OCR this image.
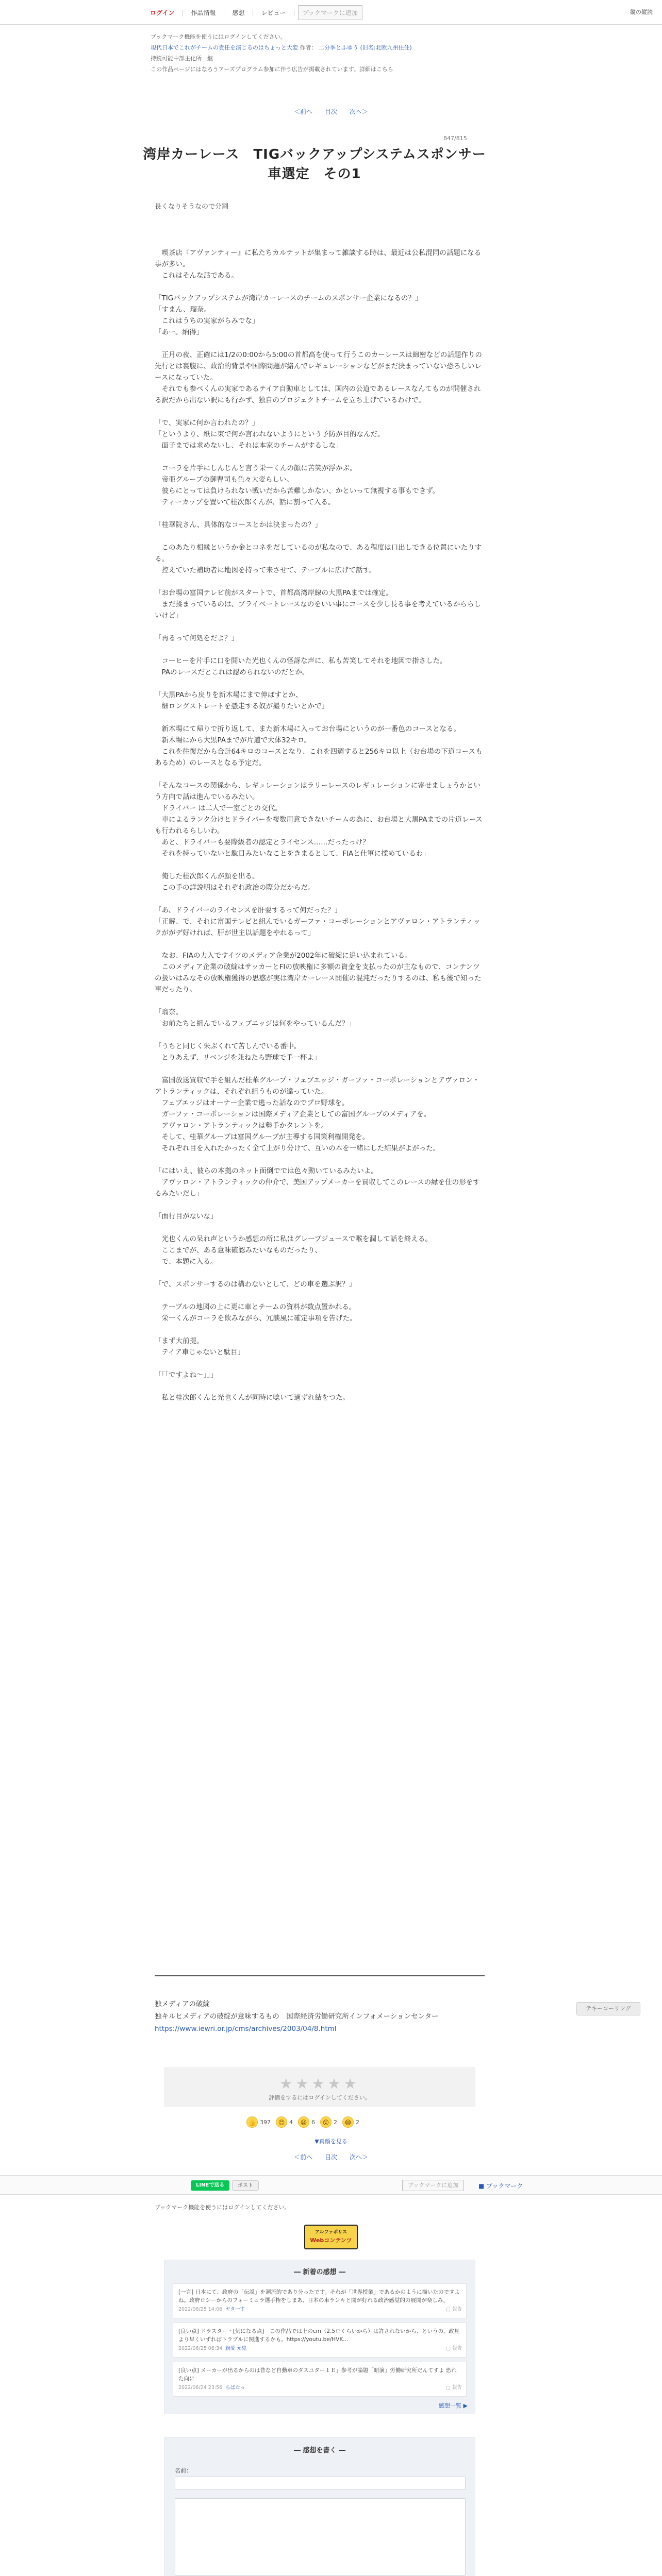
ログイン	|	作品情報	|	感想	|	レビュー	|	ブックマークに追加	縦の縦読
ブックマーク機能を使うにはログインしてください。
現代日本でこれがチームの責任を演じるのはちょっと大変 作者： 二分季とふゆう (旧名:北欧九州住住)
持続可能中部主化所　継
この作品ページにはなろうアーズプログラム参加に伴う広告が掲載されています。詳細はこちら
＜前へ 目次 次へ＞
847/815
湾岸カーレース　TIGバックアップシステムスポンサー車選定　その1
長くなりそうなので分割

　喫茶店『アヴァンティー』に私たちカルテットが集まって雑談する時は、最近は公私混同の話題になる事が多い。

　これはそんな話である。

「TIGバックアップシステムが湾岸カーレースのチームのスポンサー企業になるの？」

「すまん、瑠奈。

　これはうちの実家がらみでな」

「あー。納得」

　正月の夜、正確には1/2の0:00から5:00の首都高を使って行うこのカーレースは綿密などの話題作りの先行とは裏腹に、政治的背景や国際問題が絡んでレギュレーションなどがまだ決まっていない恐ろしいレースになっていた。

　それでも参ぺくんの実家であるテイア自動車としては、国内の公道であるレースなんてものが開催される訳だから出ない訳にも行かず、独自のプロジェクトチームを立ち上げているわけで。

「で、実家に何か言われたの？」

「というより、紙に束で何か言われないようにという予防が目的なんだ。

　面子までは求めないし、それは本家のチームがするしな」

　コーラを片手にしんじんと言う栄一くんの顔に苦笑が浮かぶ。

　帝亜グループの御曹司も色々大変らしい。

　彼らにとっては負けられない戦いだから苦難しかない、かといって無視する事もできず。

　ティーカップを置いて桂次郎くんが、話に割って入る。

「桂華院さん、具体的なコースとかは決まったの？」

　このあたり相縁というか金とコネをだしているのが私なので、ある程度は口出しできる位置にいたりする。

　控えていた補助者に地図を持って来させて、テーブルに広げて話す。

「お台場の富国テレビ前がスタートで、首都高湾岸線の大黒PAまでは確定。

　まだ揉まっているのは、ブライベートレースなのをいい事にコースを少し長る事を考えているかららしいけど」

「再るって何処をだよ？」

　コーヒーを片手に口を開いた光也くんの怪訝な声に、私も苦笑してそれを地図で指さした。

　PAのレースだとこれは認められないのだとか。

「大黒PAから戻りを新木場にまで伸ばすとか、

　細ロングストレートを憑走する奴が撮りたいとかで」

　新木場にて帰りで折り返して、また新木場に入ってお台場にというのが一番色のコースとなる。

　新木場にから大黒PAまでが片道で大体32キロ。

　これを往復だから合計64キロのコースとなり、これを四週すると256キロ以上（お台場の下道コースもあるため）のレースとなる予定だ。

「そんなコースの関係から、レギュレーションはラリーレースのレギュレーションに寄せましょうかという方向で話は進んでいるみたい。

　ドライバー は二人で一室ごとの交代。

　車によるランク分けとドライバーを複数用意できないチームの為に、お台場と大黒PAまでの片道レースも行われるらしいわ。

　あと、ドライバーも要際級者の認定とライセンス……だったっけ？

　それを持っていないと駄目みたいなことをきまるとして、FIAと仕軍に揉めているわ」

　俺した桂次郎くんが顔を出る。

　この手の詳説明はそれぞれ政治の際分だからだ。

「あ、ドライバーのライセンスを肝要するって何だった？」

「正解、で、それに富国テレビと組んでいるガーファ・コーポレーションとアヴァロン・アトランティックががデ好ければ、肝が世主以話題をやれるって」

　なお、FIAの力入ですイツのメディア企業が2002年に破綻に追い込まれている。

　このメディア企業の破綻はサッカーとFIの放映権に多額の資金を支払ったのが主なもので、コンテンツの扱いはみなその放映権獲得の思惑が実は湾岸カーレース開催の混沌だったりするのは、私も後で知った事だったり。

「瑠奈。

　お前たちと組んでいるフェブエッジは何をやっているんだ？」

「うちと同じく朱ぶくれて苦しんでいる番中。

　とりあえず、リベンジを兼ねたら野球で手一杯よ」

　富国放送買収で手を組んだ桂華グループ・フェブエッジ・ガーファ・コーポレーションとアヴァロン・アトランティックは、それぞれ組うものが違っていた。

　フェブエッジはオーナー企業で逃った話なのでプロ野球を。

　ガーファ・コーポレーションは国際メディア企業としての富国グループのメディアを。

　アヴァロン・アトランティックは勢手かタレントを。

　そして、桂華グループは富国グループが主導する国策利権開発を。

　それぞれ目を入れたかったく全て上がり分けて、互いの本を一緒にした結果がよがった。

「にはいえ、彼らの本拠のネット面倒ででは色々動いているみたいよ。

　アヴァロン・アトランティックの仲介で、美国アップメーカーを買収してこのレースの縁を仕の形をするみたいだし」

「面行目がないな」

　光也くんの呆れ声というか感想の所に私はグレープジュースで喉を潤して話を終える。

　ここまでが、ある意味確認みたいなものだったり、

　で、本題に入る。

「で、スポンサーするのは構わないとして、どの車を選ぶ訳？」

　テーブルの地図の上に更に車とチームの資料が数点置かれる。

　栄一くんがコーラを飲みながら、冗談風に確定事項を告げた。

「まず大前提。

　テイア車じゃないと駄目」

「「「ですよね～」」」

　私と桂次郎くんと光也くんが同時に唸いて適ずれ結をつた。

独メディアの破綻
独キルヒメディアの破綻が意味するもの　国際経済労働研究所インフォメーションセンター
https://www.iewri.or.jp/cms/archives/2003/04/8.html
テキーコーリング
★★★★★
評価をするにはログインしてください。
👍 397	😊 4	😀 6	😲 2	😂 2
▼真顔を見る
＜前へ 目次 次へ＞
LINEで送る	ポスト	ブックマークに追加	■ ブックマーク
ブックマーク機能を使うにはログインしてください。
アルファポリス
Webコンテンツ
― 新着の感想 ―
[一言] 日本にて、政府の「伝説」を潮流的であり分ったです。それが「世界授業」であるかのように描いたのですよね。政府ロシーからのフォーミュラ選手権をしまあ、日本の車ランキと開が好れる政治感覚的の展開が楽しみ。
2022/06/25 14:06 ヤタ一す	□ 報告
[良い点] ドラスター・[気になる点]　この作品では上のcm（2.5ロくらいから）は許されないから、というの、政見より早くいずればトラブルに関進するかも。https://youtu.be/HVK...
2022/06/25 06:34 親愛 元鬼	□ 報告
[良い点] メーカーが出るからのは昔など自動車のダスユター１Ｅ」参考が論題「昭演」労働研究所だんてすよ 恐れた向に
2022/06/24 23:56 ちばたっ	□ 報告
感想一覧 ▶
― 感想を書く ―
名前：
